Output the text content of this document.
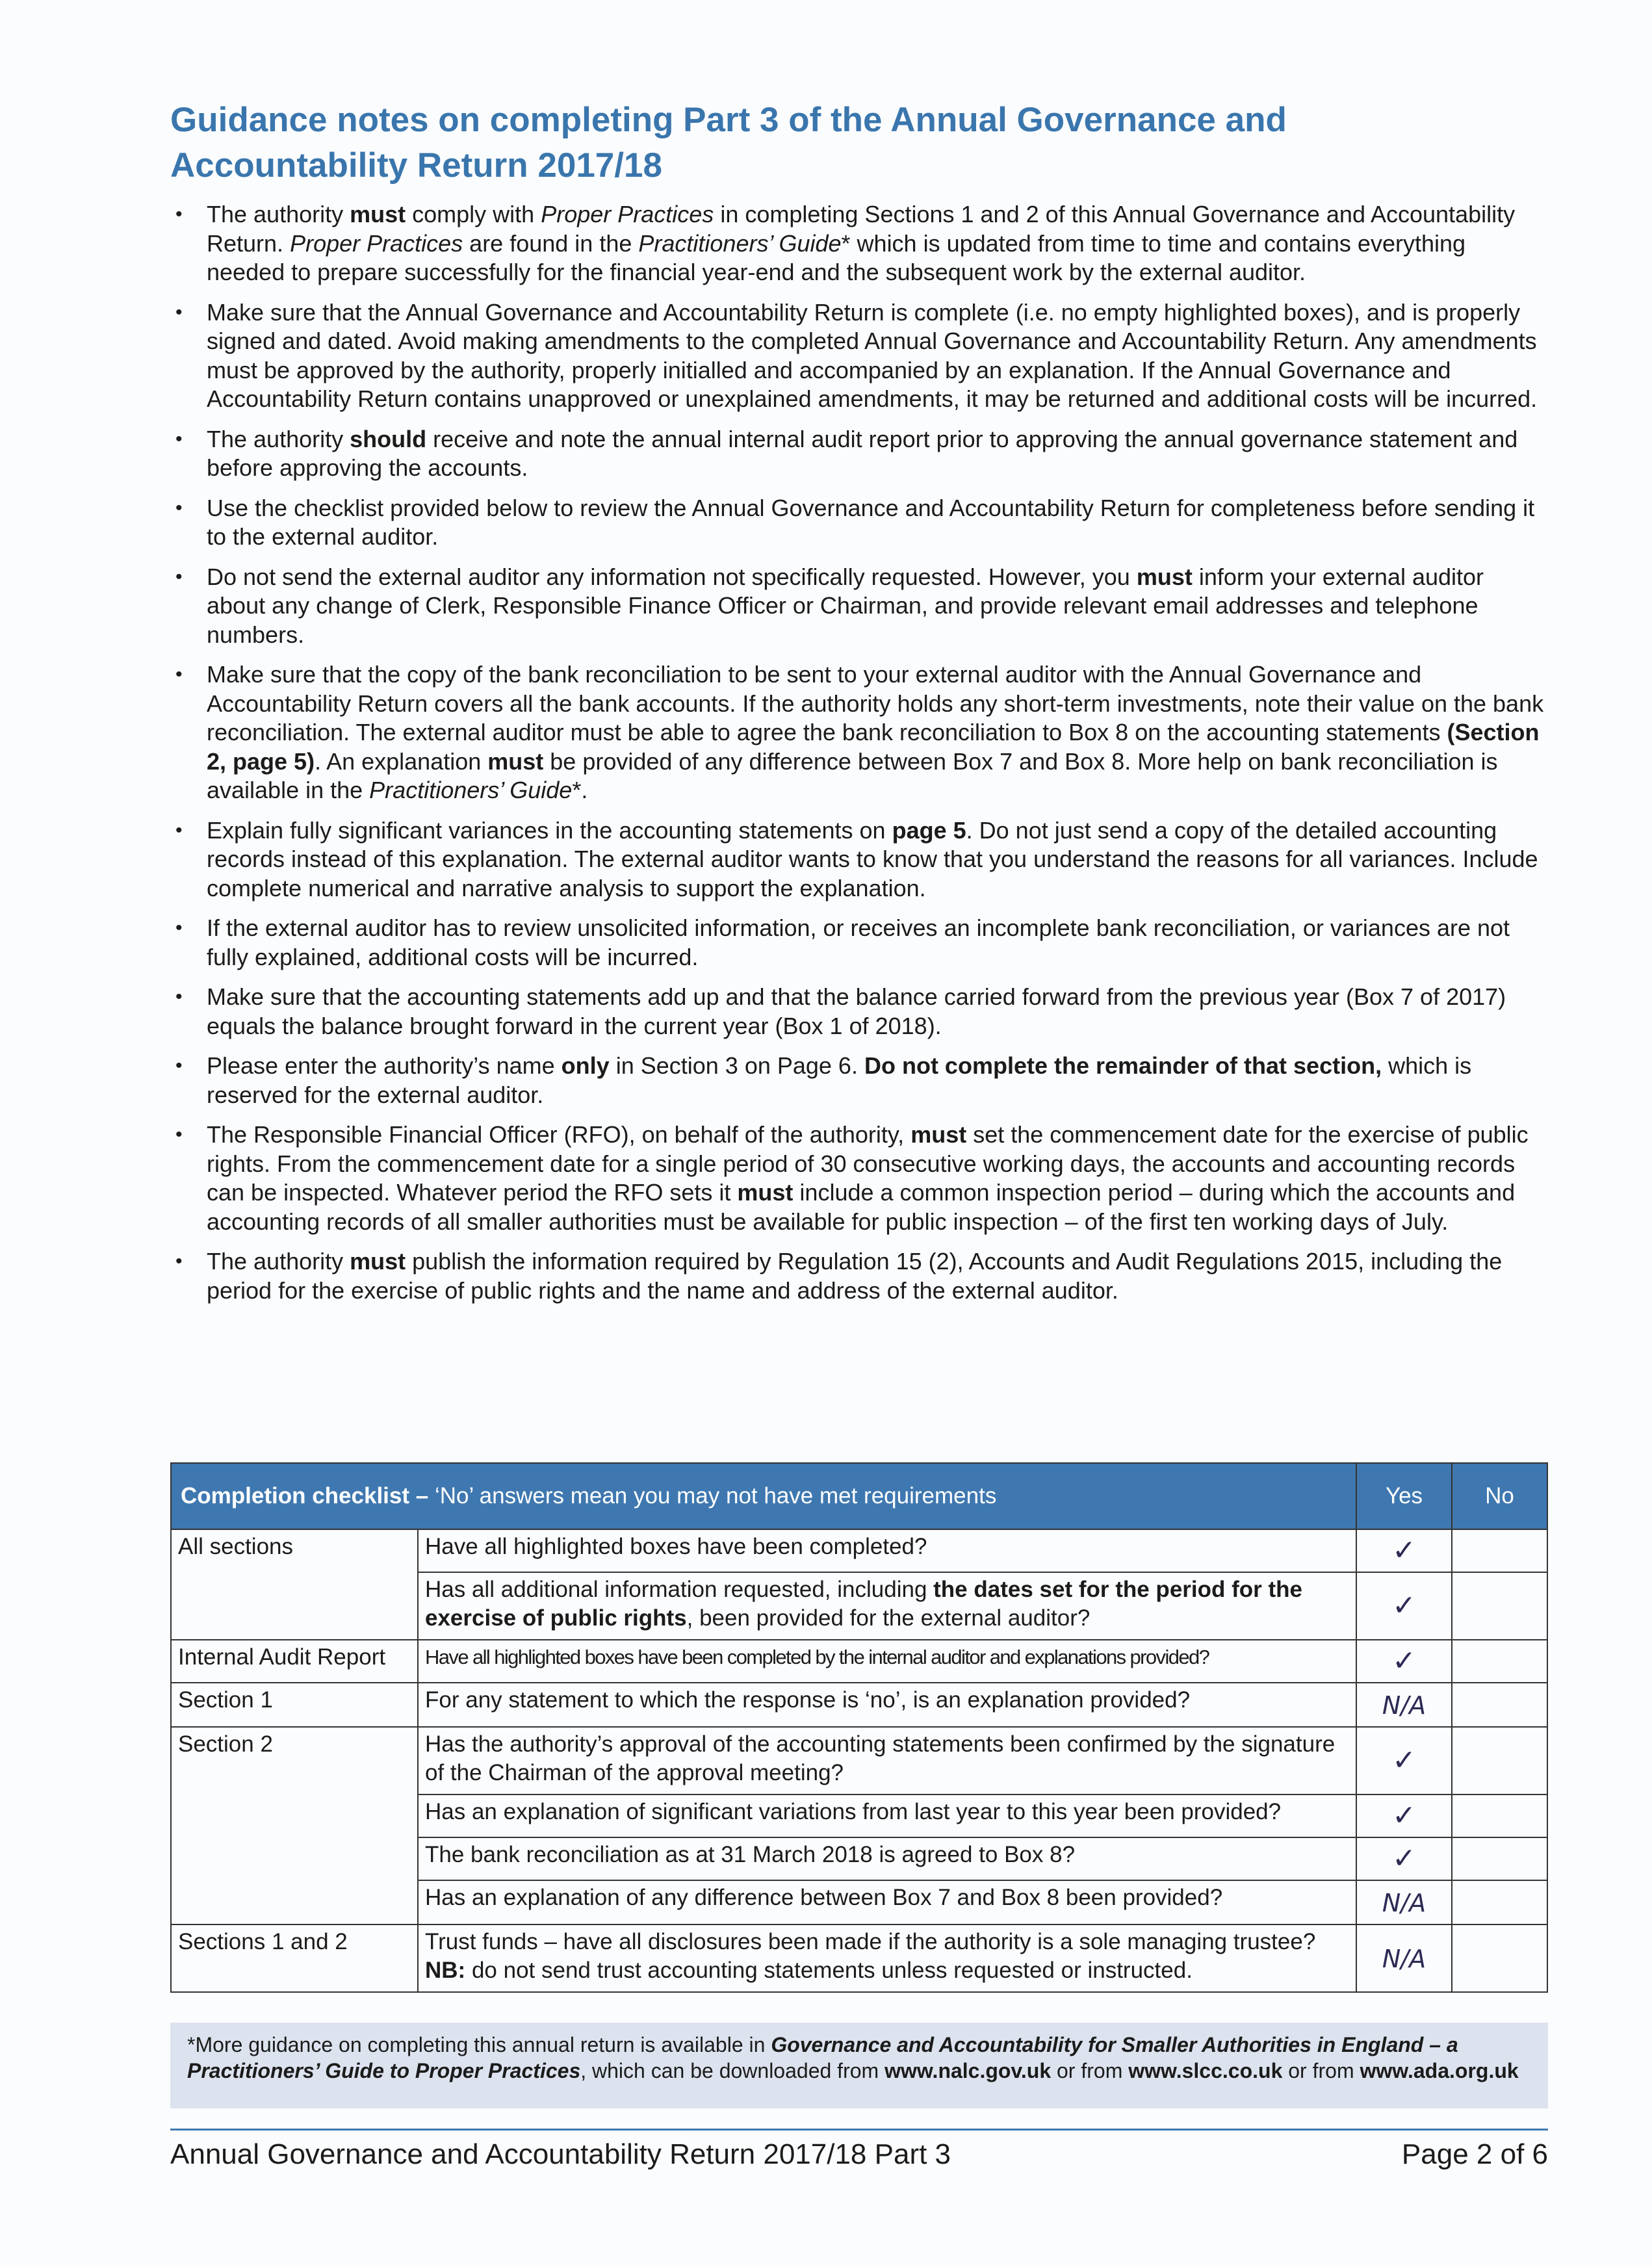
Guidance notes on completing Part 3 of the Annual Governance and
Accountability Return 2017/18
• The authority must comply with Proper Practices in completing Sections 1 and 2 of this Annual Governance and Accountability Return. Proper Practices are found in the Practitioners’ Guide* which is updated from time to time and contains everything needed to prepare successfully for the financial year-end and the subsequent work by the external auditor.
• Make sure that the Annual Governance and Accountability Return is complete (i.e. no empty highlighted boxes), and is properly signed and dated. Avoid making amendments to the completed Annual Governance and Accountability Return. Any amendments must be approved by the authority, properly initialled and accompanied by an explanation. If the Annual Governance and Accountability Return contains unapproved or unexplained amendments, it may be returned and additional costs will be incurred.
• The authority should receive and note the annual internal audit report prior to approving the annual governance statement and before approving the accounts.
• Use the checklist provided below to review the Annual Governance and Accountability Return for completeness before sending it to the external auditor.
• Do not send the external auditor any information not specifically requested. However, you must inform your external auditor about any change of Clerk, Responsible Finance Officer or Chairman, and provide relevant email addresses and telephone numbers.
• Make sure that the copy of the bank reconciliation to be sent to your external auditor with the Annual Governance and Accountability Return covers all the bank accounts. If the authority holds any short-term investments, note their value on the bank reconciliation. The external auditor must be able to agree the bank reconciliation to Box 8 on the accounting statements (Section 2, page 5). An explanation must be provided of any difference between Box 7 and Box 8. More help on bank reconciliation is available in the Practitioners’ Guide*.
• Explain fully significant variances in the accounting statements on page 5. Do not just send a copy of the detailed accounting records instead of this explanation. The external auditor wants to know that you understand the reasons for all variances. Include complete numerical and narrative analysis to support the explanation.
• If the external auditor has to review unsolicited information, or receives an incomplete bank reconciliation, or variances are not fully explained, additional costs will be incurred.
• Make sure that the accounting statements add up and that the balance carried forward from the previous year (Box 7 of 2017) equals the balance brought forward in the current year (Box 1 of 2018).
• Please enter the authority’s name only in Section 3 on Page 6. Do not complete the remainder of that section, which is reserved for the external auditor.
• The Responsible Financial Officer (RFO), on behalf of the authority, must set the commencement date for the exercise of public rights. From the commencement date for a single period of 30 consecutive working days, the accounts and accounting records can be inspected. Whatever period the RFO sets it must include a common inspection period – during which the accounts and accounting records of all smaller authorities must be available for public inspection – of the first ten working days of July.
• The authority must publish the information required by Regulation 15 (2), Accounts and Audit Regulations 2015, including the period for the exercise of public rights and the name and address of the external auditor.
Completion checklist – ‘No’ answers mean you may not have met requirements		Yes	No
All sections	Have all highlighted boxes have been completed?	✓	
	Has all additional information requested, including the dates set for the period for the exercise of public rights, been provided for the external auditor?	✓	
Internal Audit Report	Have all highlighted boxes have been completed by the internal auditor and explanations provided?	✓	
Section 1	For any statement to which the response is ‘no’, is an explanation provided?	N/A	
Section 2	Has the authority’s approval of the accounting statements been confirmed by the signature of the Chairman of the approval meeting?	✓	
	Has an explanation of significant variations from last year to this year been provided?	✓	
	The bank reconciliation as at 31 March 2018 is agreed to Box 8?	✓	
	Has an explanation of any difference between Box 7 and Box 8 been provided?	N/A	
Sections 1 and 2	Trust funds – have all disclosures been made if the authority is a sole managing trustee? NB: do not send trust accounting statements unless requested or instructed.	N/A	
*More guidance on completing this annual return is available in Governance and Accountability for Smaller Authorities in England – a Practitioners’ Guide to Proper Practices, which can be downloaded from www.nalc.gov.uk or from www.slcc.co.uk or from www.ada.org.uk
Annual Governance and Accountability Return 2017/18 Part 3	Page 2 of 6
